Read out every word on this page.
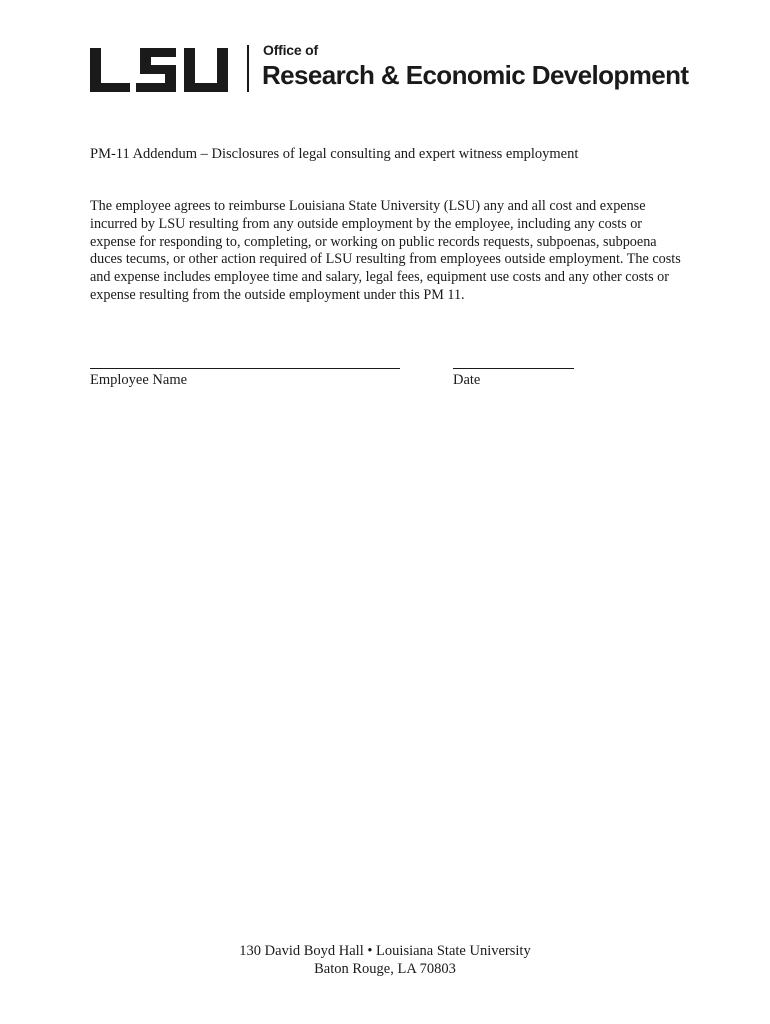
Office of
Research & Economic Development
PM-11 Addendum – Disclosures of legal consulting and expert witness employment

The employee agrees to reimburse Louisiana State University (LSU) any and all cost and expense incurred by LSU resulting from any outside employment by the employee, including any costs or expense for responding to, completing, or working on public records requests, subpoenas, subpoena duces tecums, or other action required of LSU resulting from employees outside employment. The costs and expense includes employee time and salary, legal fees, equipment use costs and any other costs or expense resulting from the outside employment under this PM 11.

Employee Name	Date
130 David Boyd Hall • Louisiana State University
Baton Rouge, LA 70803
